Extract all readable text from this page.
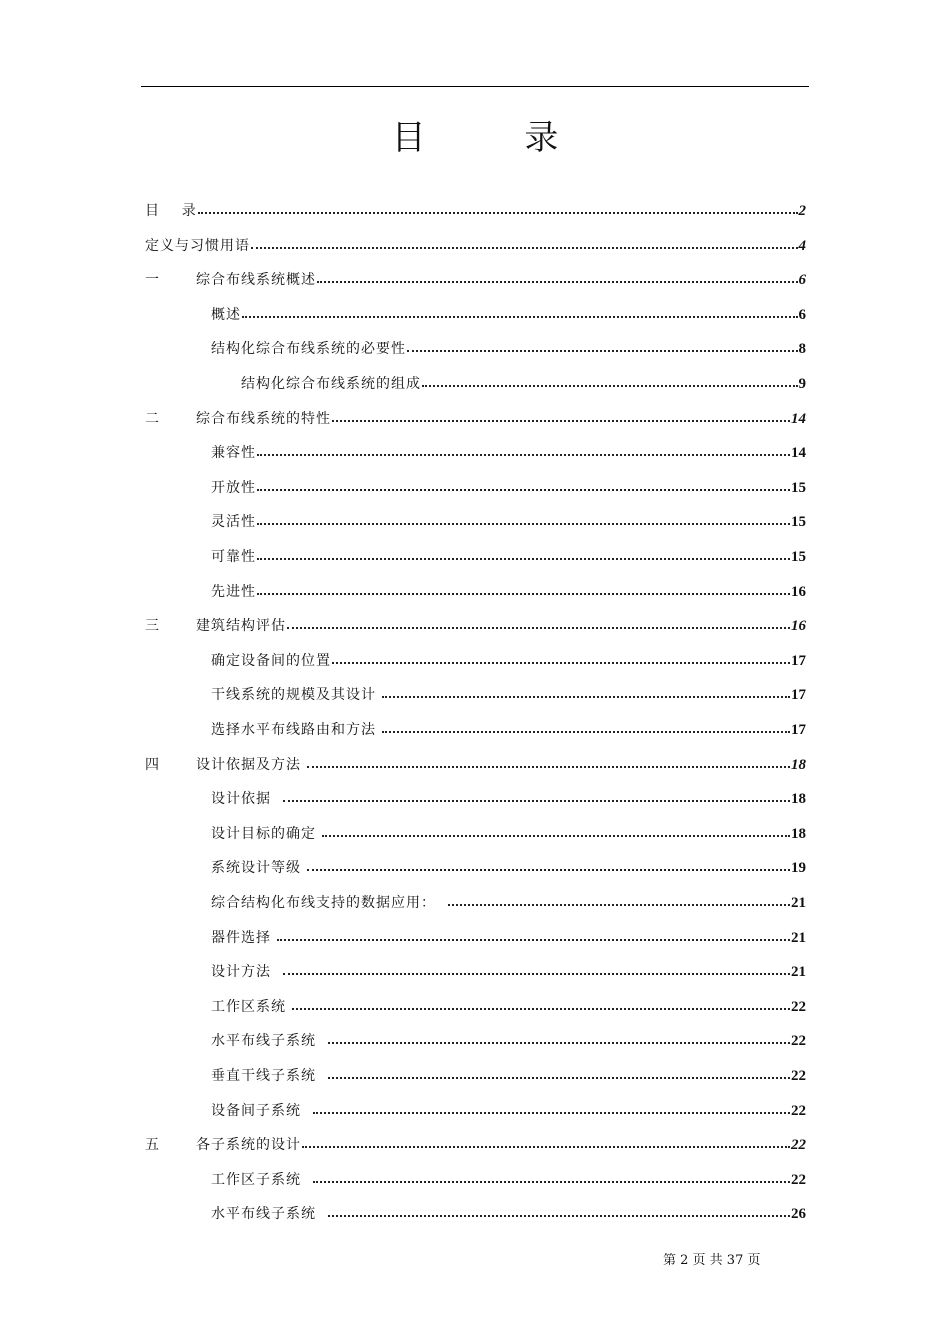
目 录
目    录	2
定义与习惯用语	4
一	综合布线系统概述	6
概述	6
结构化综合布线系统的必要性	8
结构化综合布线系统的组成	9
二	综合布线系统的特性	14
兼容性	14
开放性	15
灵活性	15
可靠性	15
先进性	16
三	建筑结构评估	16
确定设备间的位置	17
干线系统的规模及其设计	17
选择水平布线路由和方法	17
四	设计依据及方法	18
设计依据	18
设计目标的确定	18
系统设计等级	19
综合结构化布线支持的数据应用：	21
器件选择	21
设计方法	21
工作区系统	22
水平布线子系统	22
垂直干线子系统	22
设备间子系统	22
五	各子系统的设计	22
工作区子系统	22
水平布线子系统	26
第 2 页 共 37 页
